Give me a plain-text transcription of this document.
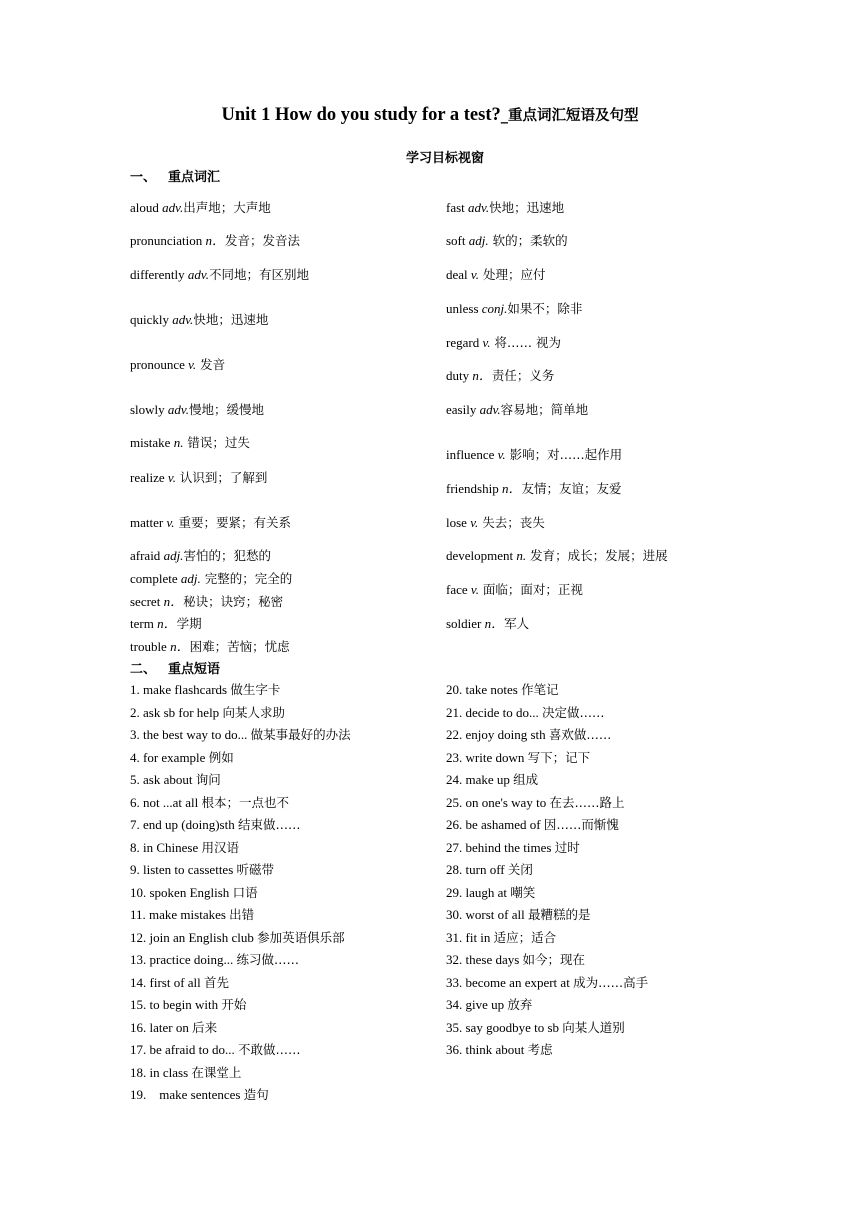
Unit 1 How do you study for a test?_重点词汇短语及句型
学习目标视窗
一、 重点词汇
aloud adv.出声地；大声地
pronunciation n．发音；发音法
differently adv.不同地；有区别地
quickly adv.快地；迅速地
pronounce v. 发音
slowly adv.慢地；缓慢地
mistake n. 错误；过失
realize v. 认识到；了解到
matter v. 重要；要紧；有关系
afraid adj.害怕的；犯愁的
complete adj. 完整的；完全的
secret n．秘诀；诀窍；秘密
term n．学期
trouble n．困难；苦恼；忧虑
fast adv.快地；迅速地
soft adj. 软的；柔软的
deal v. 处理；应付
unless conj.如果不；除非
regard v. 将…… 视为
duty n．责任；义务
easily adv.容易地；简单地
influence v. 影响；对……起作用
friendship n．友情；友谊；友爱
lose v. 失去；丧失
development n. 发育；成长；发展；进展
face v. 面临；面对；正视
soldier n．军人
二、 重点短语
1. make flashcards 做生字卡
2. ask sb for help 向某人求助
3. the best way to do... 做某事最好的办法
4. for example 例如
5. ask about 询问
6. not ...at all 根本；一点也不
7. end up (doing)sth 结束做……
8. in Chinese 用汉语
9. listen to cassettes 听磁带
10. spoken English 口语
11. make mistakes 出错
12. join an English club 参加英语俱乐部
13. practice doing... 练习做……
14. first of all 首先
15. to begin with 开始
16. later on 后来
17. be afraid to do... 不敢做……
18. in class 在课堂上
19.    make sentences 造句
20. take notes 作笔记
21. decide to do... 决定做……
22. enjoy doing sth 喜欢做……
23. write down 写下；记下
24. make up 组成
25. on one's way to 在去……路上
26. be ashamed of 因……而惭愧
27. behind the times 过时
28. turn off 关闭
29. laugh at 嘲笑
30. worst of all 最糟糕的是
31. fit in 适应；适合
32. these days 如今；现在
33. become an expert at 成为……高手
34. give up 放弃
35. say goodbye to sb 向某人道别
36. think about 考虑
